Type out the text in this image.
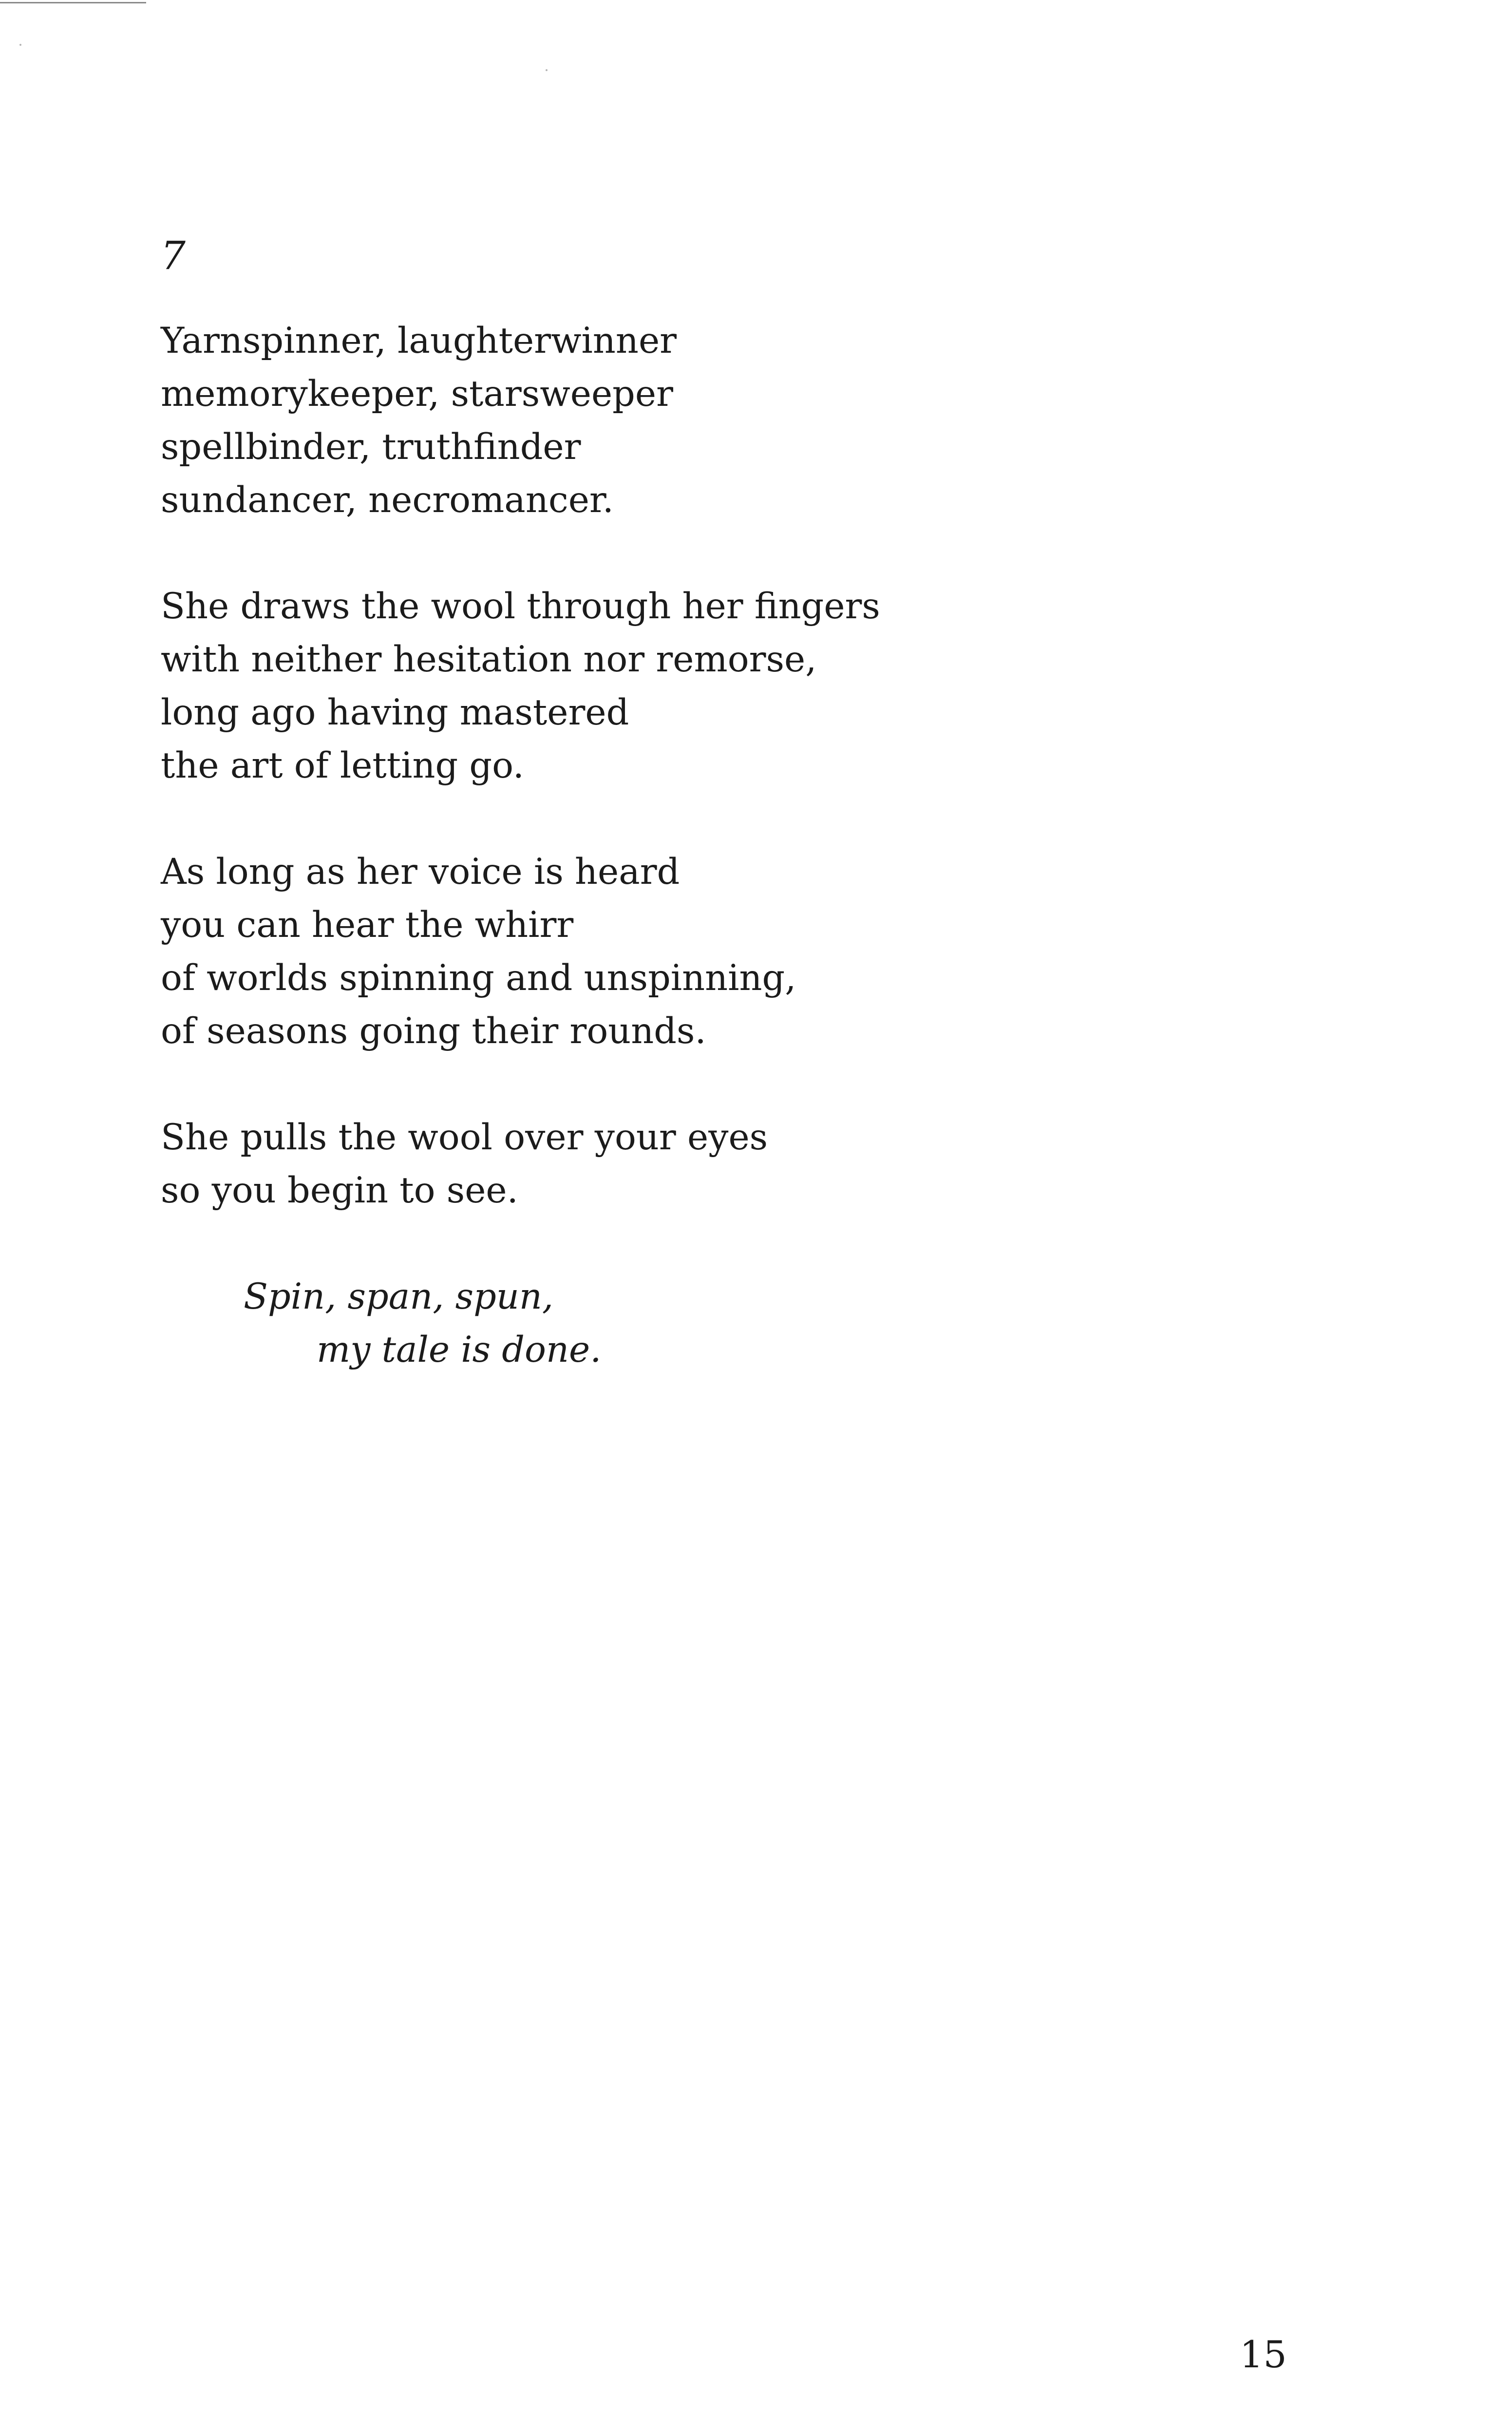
7

Yarnspinner, laughterwinner
memorykeeper, starsweeper
spellbinder, truthfinder
sundancer, necromancer.

She draws the wool through her fingers
with neither hesitation nor remorse,
long ago having mastered
the art of letting go.

As long as her voice is heard
you can hear the whirr
of worlds spinning and unspinning,
of seasons going their rounds.

She pulls the wool over your eyes
so you begin to see.

Spin, span, spun,
my tale is done.

15
